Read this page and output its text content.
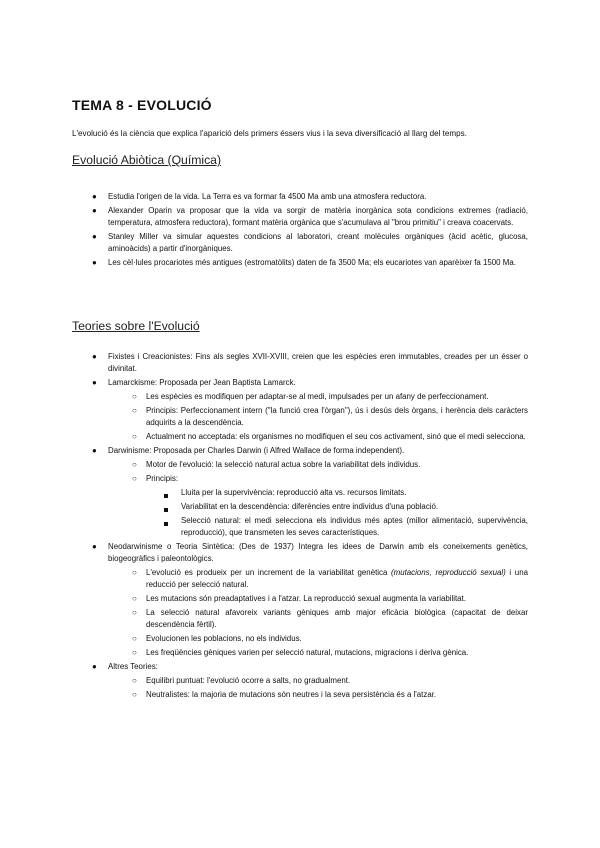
TEMA 8 - EVOLUCIÓ

L'evolució és la ciència que explica l'aparició dels primers éssers vius i la seva diversificació al llarg del temps.

Evolució Abiòtica (Química)
● Estudia l'origen de la vida. La Terra es va formar fa 4500 Ma amb una atmosfera reductora.
● Alexander Oparin va proposar que la vida va sorgir de matèria inorgànica sota condicions extremes (radiació, temperatura, atmosfera reductora), formant matèria orgànica que s'acumulava al "brou primitiu" i creava coacervats.
● Stanley Miller va simular aquestes condicions al laboratori, creant molècules orgàniques (àcid acètic, glucosa, aminoàcids) a partir d'inorgàniques.
● Les cèl·lules procariotes més antigues (estromatòlits) daten de fa 3500 Ma; els eucariotes van aparèixer fa 1500 Ma.
Teories sobre l'Evolució
● Fixistes i Creacionistes: Fins als segles XVII-XVIII, creien que les espècies eren immutables, creades per un ésser o divinitat.
● Lamarckisme: Proposada per Jean Baptista Lamarck.
○ Les espècies es modifiquen per adaptar-se al medi, impulsades per un afany de perfeccionament.
○ Principis: Perfeccionament intern ("la funció crea l'òrgan"), ús i desús dels òrgans, i herència dels caràcters adquirits a la descendència.
○ Actualment no acceptada: els organismes no modifiquen el seu cos activament, sinó que el medi selecciona.
● Darwinisme: Proposada per Charles Darwin (i Alfred Wallace de forma independent).
○ Motor de l'evolució: la selecció natural actua sobre la variabilitat dels individus.
○ Principis:
Lluita per la supervivència: reproducció alta vs. recursos limitats.
Variabilitat en la descendència: diferències entre individus d'una població.
Selecció natural: el medi selecciona els individus més aptes (millor alimentació, supervivència, reproducció), que transmeten les seves característiques.
● Neodarwinisme o Teoria Sintètica: (Des de 1937) Integra les idees de Darwin amb els coneixements genètics, biogeogràfics i paleontològics.
○ L'evolució es produeix per un increment de la variabilitat genètica (mutacions, reproducció sexual) i una reducció per selecció natural.
○ Les mutacions són preadaptatives i a l'atzar. La reproducció sexual augmenta la variabilitat.
○ La selecció natural afavoreix variants gèniques amb major eficàcia biològica (capacitat de deixar descendència fèrtil).
○ Evolucionen les poblacions, no els individus.
○ Les freqüències gèniques varien per selecció natural, mutacions, migracions i deriva gènica.
● Altres Teories:
○ Equilibri puntuat: l'evolució ocorre a salts, no gradualment.
○ Neutralistes: la majoria de mutacions són neutres i la seva persistència és a l'atzar.
